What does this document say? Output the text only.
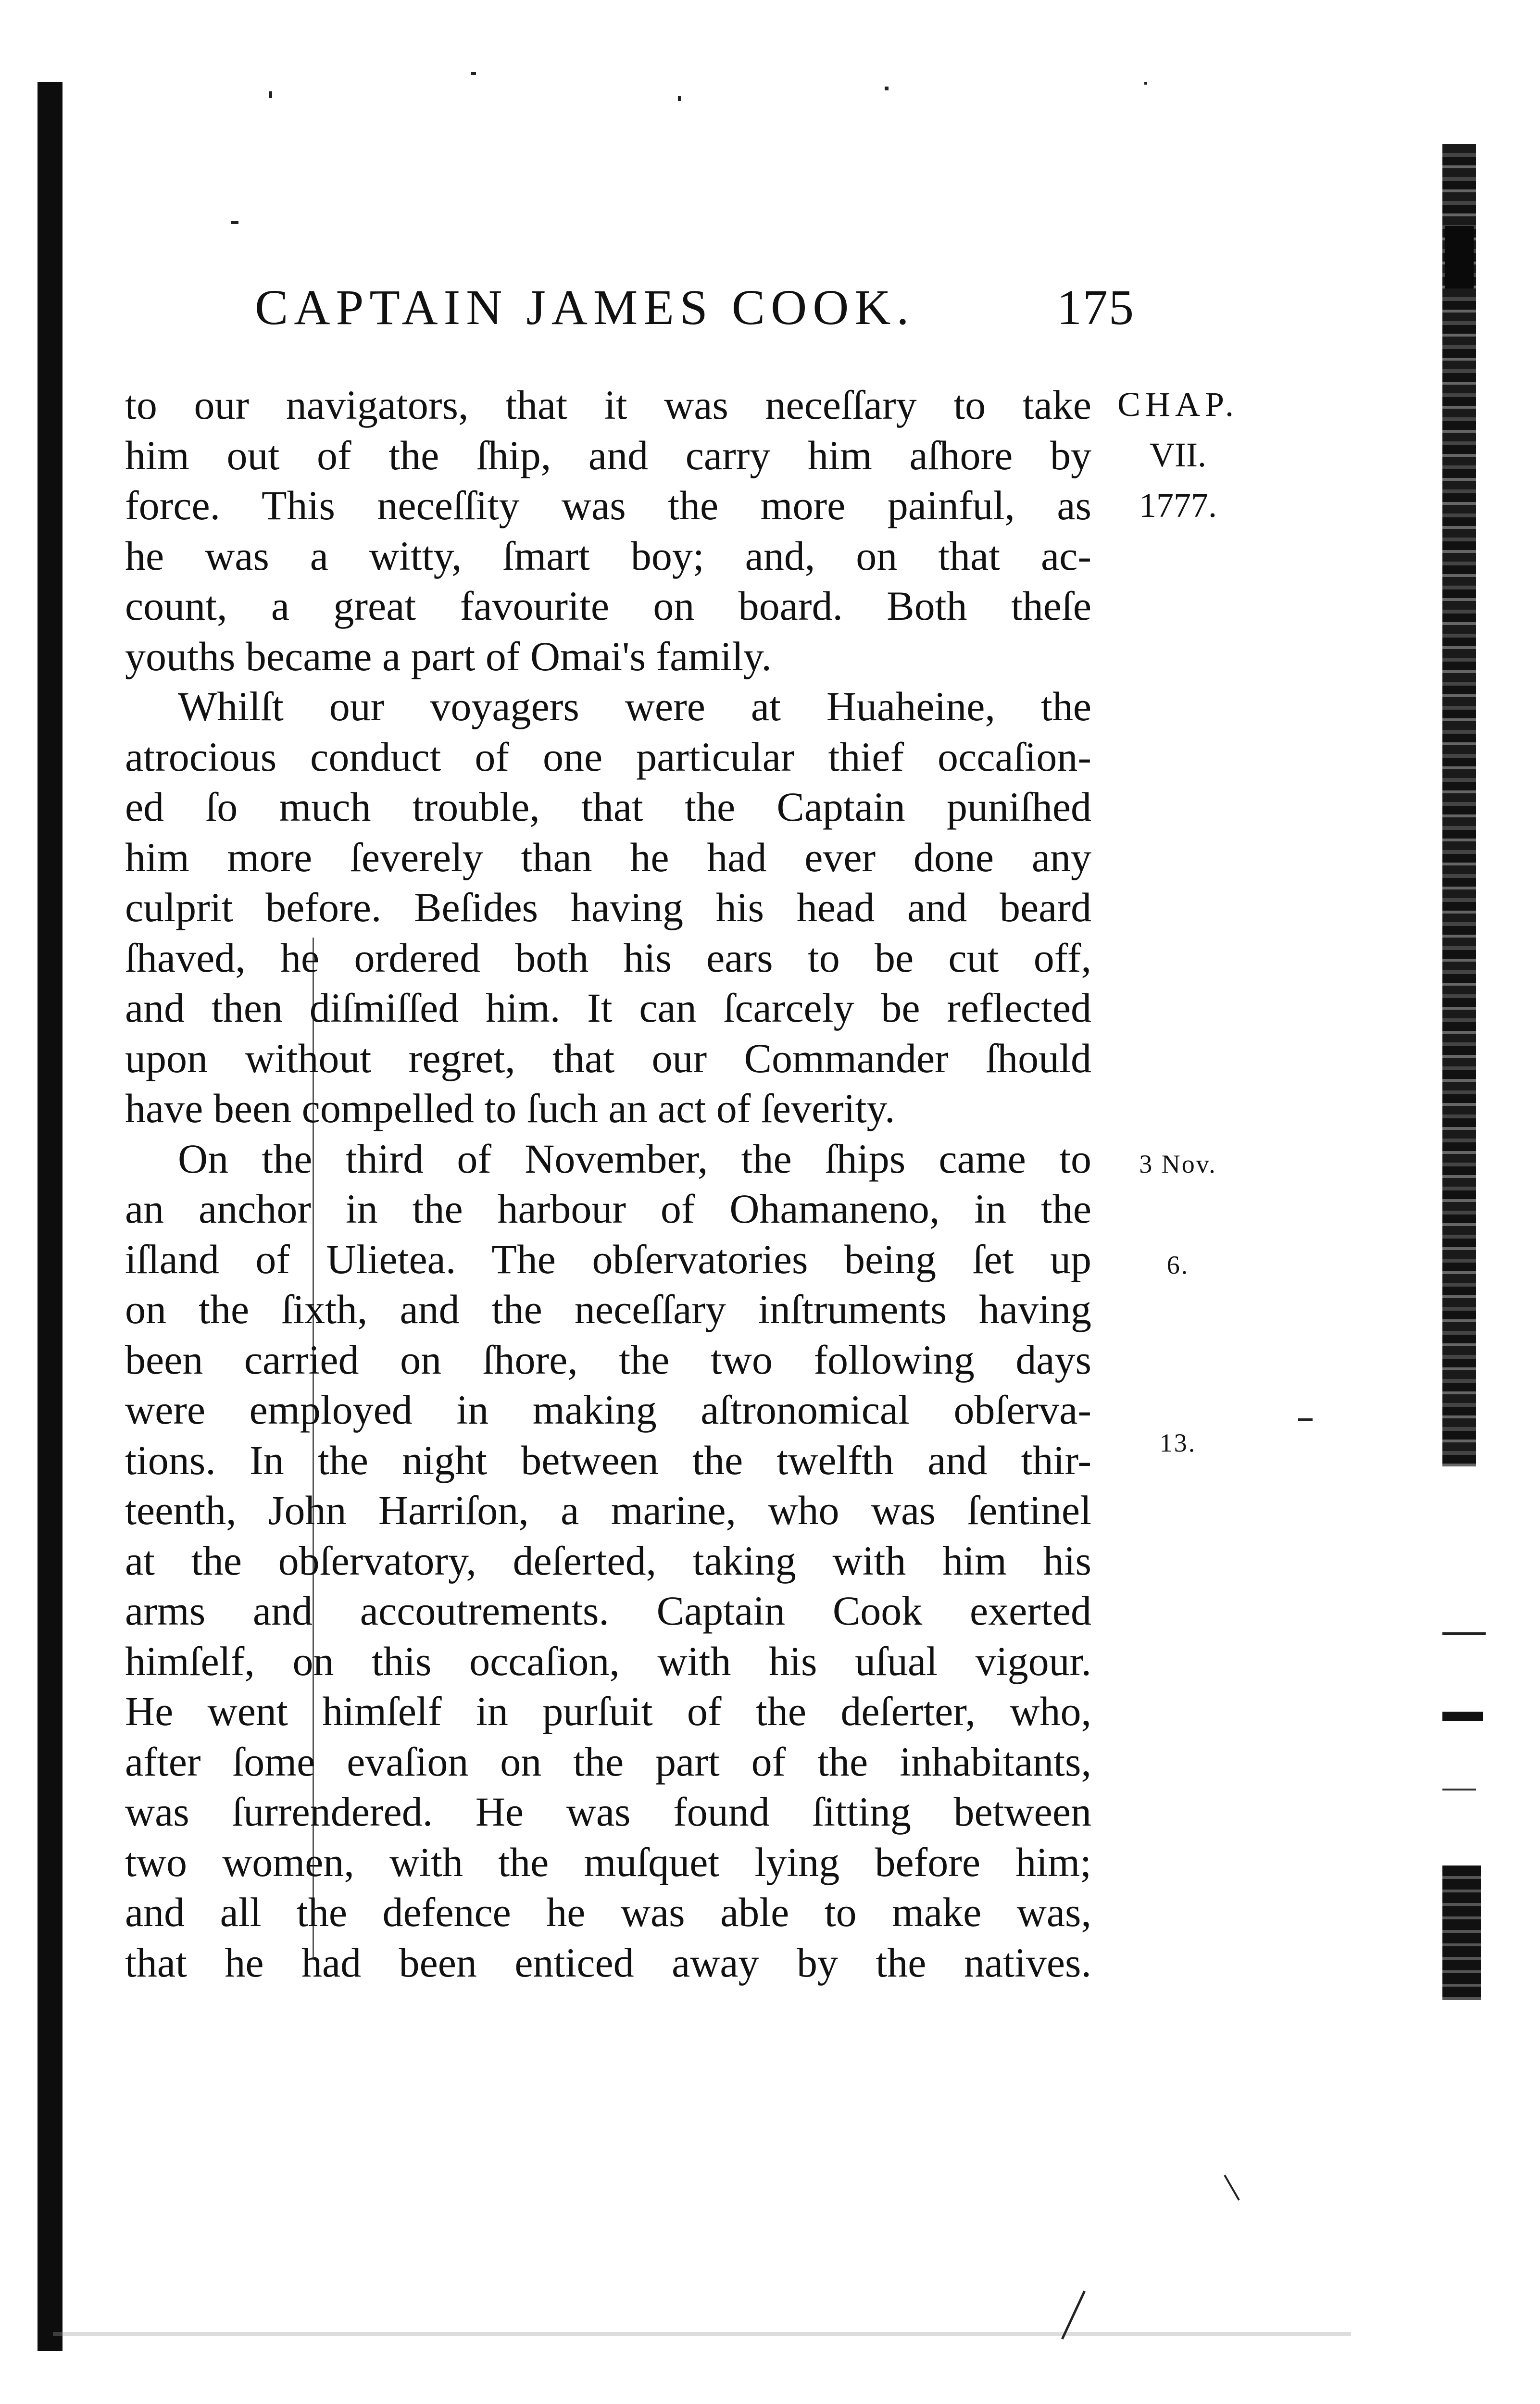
CAPTAIN JAMES COOK.	175
to our navigators, that it was neceſſary to take
him out of the ſhip, and carry him aſhore by
force. This neceſſity was the more painful, as
he was a witty, ſmart boy; and, on that ac-
count, a great favourite on board. Both theſe
youths became a part of Omai's family.
Whilſt our voyagers were at Huaheine, the
atrocious conduct of one particular thief occaſion-
ed ſo much trouble, that the Captain puniſhed
him more ſeverely than he had ever done any
culprit before. Beſides having his head and beard
ſhaved, he ordered both his ears to be cut off,
and then diſmiſſed him. It can ſcarcely be reflected
upon without regret, that our Commander ſhould
have been compelled to ſuch an act of ſeverity.
On the third of November, the ſhips came to
an anchor in the harbour of Ohamaneno, in the
iſland of Ulietea. The obſervatories being ſet up
on the ſixth, and the neceſſary inſtruments having
been carried on ſhore, the two following days
were employed in making aſtronomical obſerva-
tions. In the night between the twelfth and thir-
teenth, John Harriſon, a marine, who was ſentinel
at the obſervatory, deſerted, taking with him his
arms and accoutrements. Captain Cook exerted
himſelf, on this occaſion, with his uſual vigour.
He went himſelf in purſuit of the deſerter, who,
after ſome evaſion on the part of the inhabitants,
was ſurrendered. He was found ſitting between
two women, with the muſquet lying before him;
and all the defence he was able to make was,
that he had been enticed away by the natives.
CHAP.
VII.
1777.
3 Nov.
6.
13.
